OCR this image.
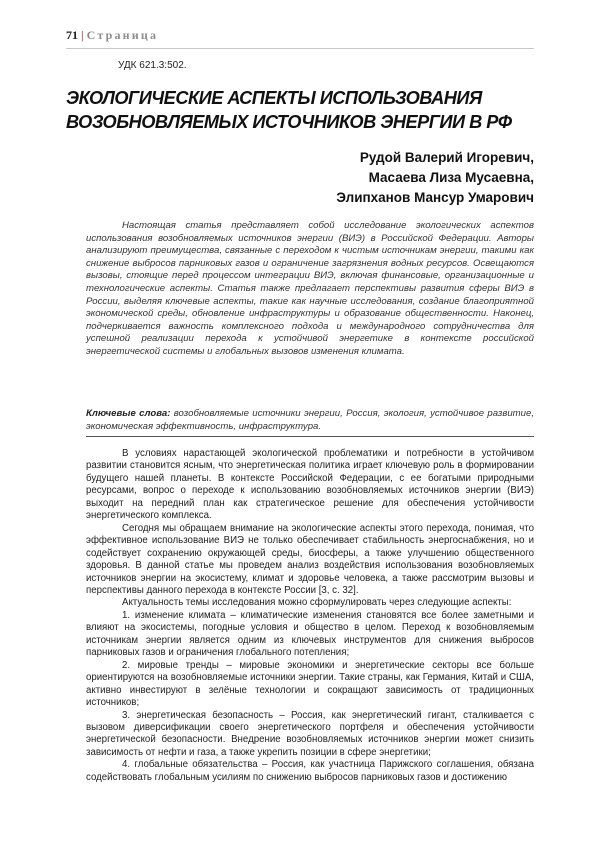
71 | Страница
УДК 621.3:502.
ЭКОЛОГИЧЕСКИЕ АСПЕКТЫ ИСПОЛЬЗОВАНИЯ ВОЗОБНОВЛЯЕМЫХ ИСТОЧНИКОВ ЭНЕРГИИ В РФ
Рудой Валерий Игоревич,
Масаева Лиза Мусаевна,
Элипханов Мансур Умарович

Настоящая статья представляет собой исследование экологических аспектов использования возобновляемых источников энергии (ВИЭ) в Российской Федерации. Авторы анализируют преимущества, связанные с переходом к чистым источникам энергии, такими как снижение выбросов парниковых газов и ограничение загрязнения водных ресурсов. Освещаются вызовы, стоящие перед процессом интеграции ВИЭ, включая финансовые, организационные и технологические аспекты. Статья также предлагает перспективы развития сферы ВИЭ в России, выделяя ключевые аспекты, такие как научные исследования, создание благоприятной экономической среды, обновление инфраструктуры и образование общественности. Наконец, подчеркивается важность комплексного подхода и международного сотрудничества для успешной реализации перехода к устойчивой энергетике в контексте российской энергетической системы и глобальных вызовов изменения климата.

Ключевые слова: возобновляемые источники энергии, Россия, экология, устойчивое развитие, экономическая эффективность, инфраструктура.

В условиях нарастающей экологической проблематики и потребности в устойчивом развитии становится ясным, что энергетическая политика играет ключевую роль в формировании будущего нашей планеты. В контексте Российской Федерации, с ее богатыми природными ресурсами, вопрос о переходе к использованию возобновляемых источников энергии (ВИЭ) выходит на передний план как стратегическое решение для обеспечения устойчивости энергетического комплекса.

Сегодня мы обращаем внимание на экологические аспекты этого перехода, понимая, что эффективное использование ВИЭ не только обеспечивает стабильность энергоснабжения, но и содействует сохранению окружающей среды, биосферы, а также улучшению общественного здоровья. В данной статье мы проведем анализ воздействия использования возобновляемых источников энергии на экосистему, климат и здоровье человека, а также рассмотрим вызовы и перспективы данного перехода в контексте России [3, с. 32].

Актуальность темы исследования можно сформулировать через следующие аспекты:

1. изменение климата – климатические изменения становятся все более заметными и влияют на экосистемы, погодные условия и общество в целом. Переход к возобновляемым источникам энергии является одним из ключевых инструментов для снижения выбросов парниковых газов и ограничения глобального потепления;

2. мировые тренды – мировые экономики и энергетические секторы все больше ориентируются на возобновляемые источники энергии. Такие страны, как Германия, Китай и США, активно инвестируют в зелёные технологии и сокращают зависимость от традиционных источников;

3. энергетическая безопасность – Россия, как энергетический гигант, сталкивается с вызовом диверсификации своего энергетического портфеля и обеспечения устойчивости энергетической безопасности. Внедрение возобновляемых источников энергии может снизить зависимость от нефти и газа, а также укрепить позиции в сфере энергетики;

4. глобальные обязательства – Россия, как участница Парижского соглашения, обязана содействовать глобальным усилиям по снижению выбросов парниковых газов и достижению
